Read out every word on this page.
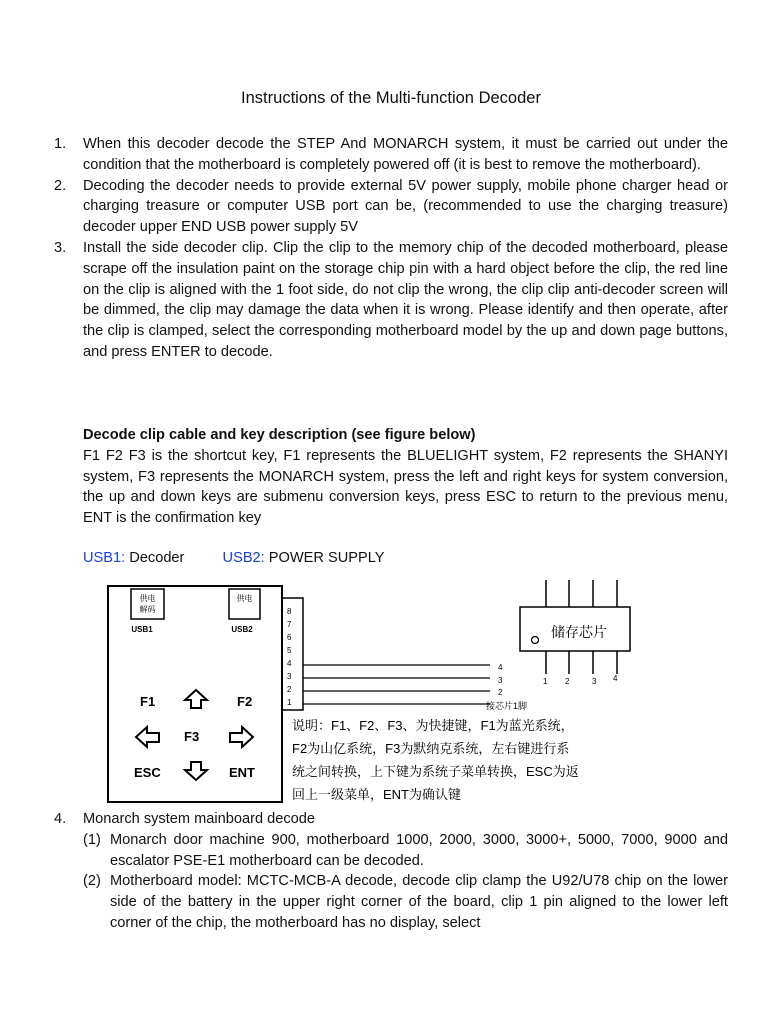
Instructions of the Multi-function Decoder
1. When this decoder decode the STEP And MONARCH system, it must be carried out under the condition that the motherboard is completely powered off (it is best to remove the motherboard).
2. Decoding the decoder needs to provide external 5V power supply, mobile phone charger head or charging treasure or computer USB port can be, (recommended to use the charging treasure) decoder upper END USB power supply 5V
3. Install the side decoder clip. Clip the clip to the memory chip of the decoded motherboard, please scrape off the insulation paint on the storage chip pin with a hard object before the clip, the red line on the clip is aligned with the 1 foot side, do not clip the wrong, the clip clip anti-decoder screen will be dimmed, the clip may damage the data when it is wrong. Please identify and then operate, after the clip is clamped, select the corresponding motherboard model by the up and down page buttons, and press ENTER to decode.
Decode clip cable and key description (see figure below)
F1 F2 F3 is the shortcut key, F1 represents the BLUELIGHT system, F2 represents the SHANYI system, F3 represents the MONARCH system, press the left and right keys for system conversion, the up and down keys are submenu conversion keys, press ESC to return to the previous menu, ENT is the confirmation key
USB1: Decoder	USB2: POWER SUPPLY
供电
解码
供电
USB1	USB2
F1	F2
F3
ESC	ENT
8
7
6
5
4
3
2
1
4
3
2
接芯片1脚
储存芯片
1 2	3 4
说明：F1、F2、F3、为快捷键，F1为蓝光系统，
F2为山亿系统，F3为默纳克系统，左右键进行系
统之间转换，上下键为系统子菜单转换，ESC为返
回上一级菜单，ENT为确认键
4. Monarch system mainboard decode
(1) Monarch door machine 900, motherboard 1000, 2000, 3000, 3000+, 5000, 7000, 9000 and escalator PSE-E1 motherboard can be decoded.
(2) Motherboard model: MCTC-MCB-A decode, decode clip clamp the U92/U78 chip on the lower side of the battery in the upper right corner of the board, clip 1 pin aligned to the lower left corner of the chip, the motherboard has no display, select
